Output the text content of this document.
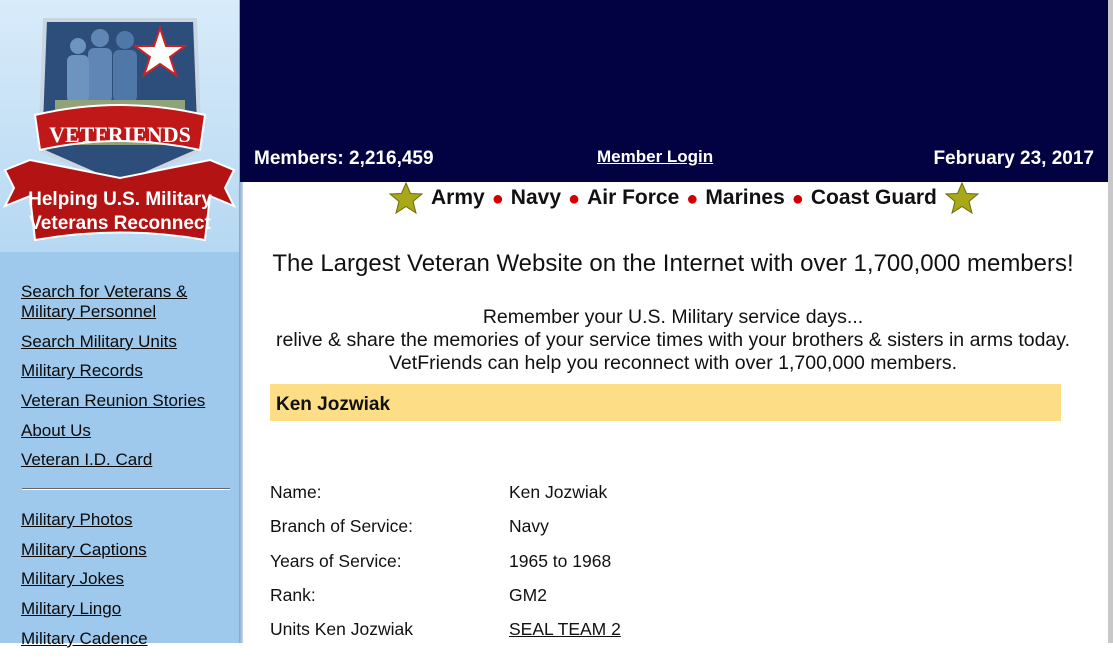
VETFRIENDS
Helping U.S. Military
Veterans Reconnect
Search for Veterans &
Military Personnel
Search Military Units
Military Records
Veteran Reunion Stories
About Us
Veteran I.D. Card
Military Photos
Military Captions
Military Jokes
Military Lingo
Military Cadence
Members: 2,216,459	Member Login	February 23, 2017
Army ● Navy ● Air Force ● Marines ● Coast Guard
The Largest Veteran Website on the Internet with over 1,700,000 members!
Remember your U.S. Military service days...
relive & share the memories of your service times with your brothers & sisters in arms today.
VetFriends can help you reconnect with over 1,700,000 members.
Ken Jozwiak
Name:	Ken Jozwiak
Branch of Service:	Navy
Years of Service:	1965 to 1968
Rank:	GM2
Units Ken Jozwiak	SEAL TEAM 2
